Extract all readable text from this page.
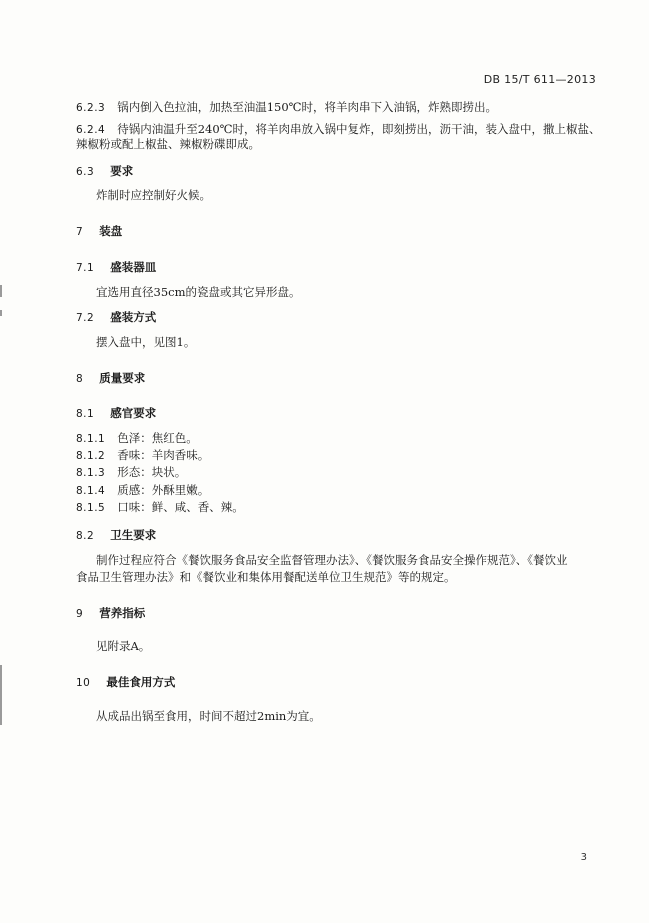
DB 15/T 611—2013
6.2.3 锅内倒入色拉油，加热至油温150℃时，将羊肉串下入油锅，炸熟即捞出。
6.2.4 待锅内油温升至240℃时，将羊肉串放入锅中复炸，即刻捞出，沥干油，装入盘中，撒上椒盐、
辣椒粉或配上椒盐、辣椒粉碟即成。
6.3 要求
炸制时应控制好火候。
7 装盘
7.1 盛装器皿
宜选用直径35cm的瓷盘或其它异形盘。
7.2 盛装方式
摆入盘中，见图1。
8 质量要求
8.1 感官要求
8.1.1 色泽：焦红色。
8.1.2 香味：羊肉香味。
8.1.3 形态：块状。
8.1.4 质感：外酥里嫩。
8.1.5 口味：鲜、咸、香、辣。
8.2 卫生要求
制作过程应符合《餐饮服务食品安全监督管理办法》、《餐饮服务食品安全操作规范》、《餐饮业
食品卫生管理办法》和《餐饮业和集体用餐配送单位卫生规范》等的规定。
9 营养指标
见附录A。
10 最佳食用方式
从成品出锅至食用，时间不超过2min为宜。
3
